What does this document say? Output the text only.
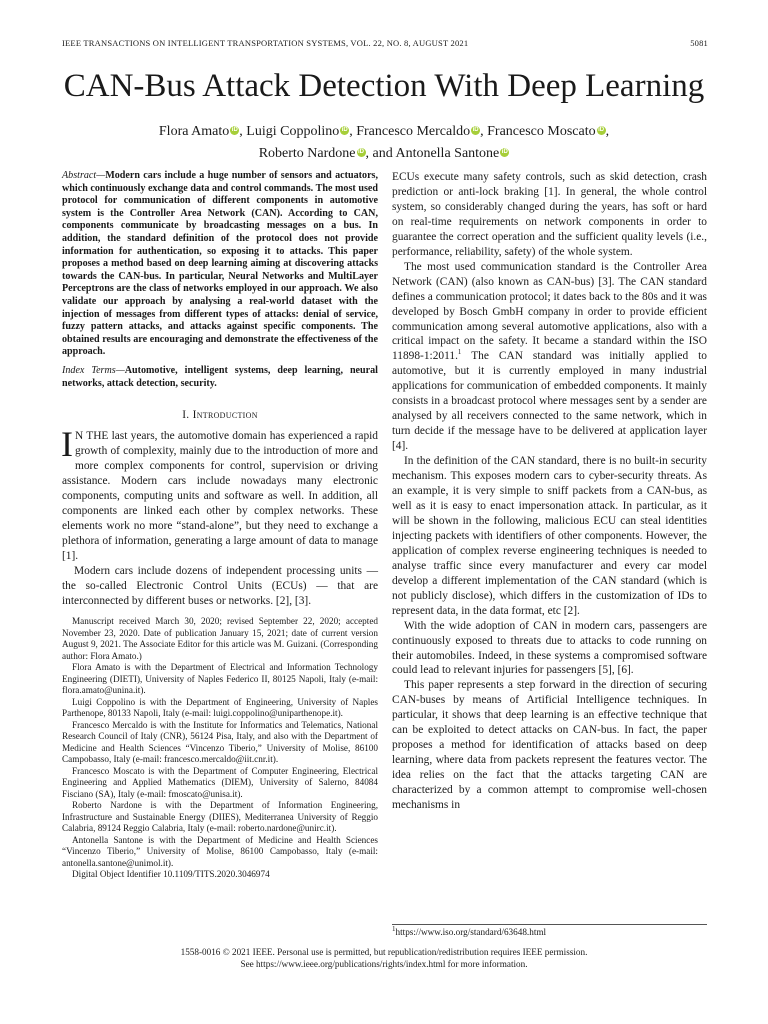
IEEE TRANSACTIONS ON INTELLIGENT TRANSPORTATION SYSTEMS, VOL. 22, NO. 8, AUGUST 2021	5081
CAN-Bus Attack Detection With Deep Learning
Flora Amato iD , Luigi Coppolino iD , Francesco Mercaldo iD , Francesco Moscato iD ,
Roberto Nardone iD , and Antonella Santone iD

Abstract—Modern cars include a huge number of sensors and actuators, which continuously exchange data and control commands. The most used protocol for communication of different components in automotive system is the Controller Area Network (CAN). According to CAN, components communicate by broadcasting messages on a bus. In addition, the standard definition of the protocol does not provide information for authentication, so exposing it to attacks. This paper proposes a method based on deep learning aiming at discovering attacks towards the CAN-bus. In particular, Neural Networks and MultiLayer Perceptrons are the class of networks employed in our approach. We also validate our approach by analysing a real-world dataset with the injection of messages from different types of attacks: denial of service, fuzzy pattern attacks, and attacks against specific components. The obtained results are encouraging and demonstrate the effectiveness of the approach.

Index Terms—Automotive, intelligent systems, deep learning, neural networks, attack detection, security.

I. Introduction

I N THE last years, the automotive domain has experienced a rapid growth of complexity, mainly due to the introduction of more and more complex components for control, supervision or driving assistance. Modern cars include nowadays many electronic components, computing units and software as well. In addition, all components are linked each other by complex networks. These elements work no more “stand-alone”, but they need to exchange a plethora of information, generating a large amount of data to manage [1].

Modern cars include dozens of independent processing units — the so-called Electronic Control Units (ECUs) — that are interconnected by different buses or networks. [2], [3].

Manuscript received March 30, 2020; revised September 22, 2020; accepted November 23, 2020. Date of publication January 15, 2021; date of current version August 9, 2021. The Associate Editor for this article was M. Guizani. (Corresponding author: Flora Amato.)

Flora Amato is with the Department of Electrical and Information Technology Engineering (DIETI), University of Naples Federico II, 80125 Napoli, Italy (e-mail: flora.amato@unina.it).

Luigi Coppolino is with the Department of Engineering, University of Naples Parthenope, 80133 Napoli, Italy (e-mail: luigi.coppolino@uniparthenope.it).

Francesco Mercaldo is with the Institute for Informatics and Telematics, National Research Council of Italy (CNR), 56124 Pisa, Italy, and also with the Department of Medicine and Health Sciences “Vincenzo Tiberio,” University of Molise, 86100 Campobasso, Italy (e-mail: francesco.mercaldo@iit.cnr.it).

Francesco Moscato is with the Department of Computer Engineering, Electrical Engineering and Applied Mathematics (DIEM), University of Salerno, 84084 Fisciano (SA), Italy (e-mail: fmoscato@unisa.it).

Roberto Nardone is with the Department of Information Engineering, Infrastructure and Sustainable Energy (DIIES), Mediterranea University of Reggio Calabria, 89124 Reggio Calabria, Italy (e-mail: roberto.nardone@unirc.it).

Antonella Santone is with the Department of Medicine and Health Sciences “Vincenzo Tiberio,” University of Molise, 86100 Campobasso, Italy (e-mail: antonella.santone@unimol.it).

Digital Object Identifier 10.1109/TITS.2020.3046974

ECUs execute many safety controls, such as skid detection, crash prediction or anti-lock braking [1]. In general, the whole control system, so considerably changed during the years, has soft or hard on real-time requirements on network components in order to guarantee the correct operation and the sufficient quality levels (i.e., performance, reliability, safety) of the whole system.

The most used communication standard is the Controller Area Network (CAN) (also known as CAN-bus) [3]. The CAN standard defines a communication protocol; it dates back to the 80s and it was developed by Bosch GmbH company in order to provide efficient communication among several automotive applications, also with a critical impact on the safety. It became a standard within the ISO 11898-1:2011.$^1$ The CAN standard was initially applied to automotive, but it is currently employed in many industrial applications for communication of embedded components. It mainly consists in a broadcast protocol where messages sent by a sender are analysed by all receivers connected to the same network, which in turn decide if the message have to be delivered at application layer [4].

In the definition of the CAN standard, there is no built-in security mechanism. This exposes modern cars to cyber-security threats. As an example, it is very simple to sniff packets from a CAN-bus, as well as it is easy to enact impersonation attack. In particular, as it will be shown in the following, malicious ECU can steal identities injecting packets with identifiers of other components. However, the application of complex reverse engineering techniques is needed to analyse traffic since every manufacturer and every car model develop a different implementation of the CAN standard (which is not publicly disclose), which differs in the customization of IDs to represent data, in the data format, etc [2].

With the wide adoption of CAN in modern cars, passengers are continuously exposed to threats due to attacks to code running on their automobiles. Indeed, in these systems a compromised software could lead to relevant injuries for passengers [5], [6].

This paper represents a step forward in the direction of securing CAN-buses by means of Artificial Intelligence techniques. In particular, it shows that deep learning is an effective technique that can be exploited to detect attacks on CAN-bus. In fact, the paper proposes a method for identification of attacks based on deep learning, where data from packets represent the features vector. The idea relies on the fact that the attacks targeting CAN are characterized by a common attempt to compromise well-chosen mechanisms in

$^1$https://www.iso.org/standard/63648.html
1558-0016 © 2021 IEEE. Personal use is permitted, but republication/redistribution requires IEEE permission.
See https://www.ieee.org/publications/rights/index.html for more information.
